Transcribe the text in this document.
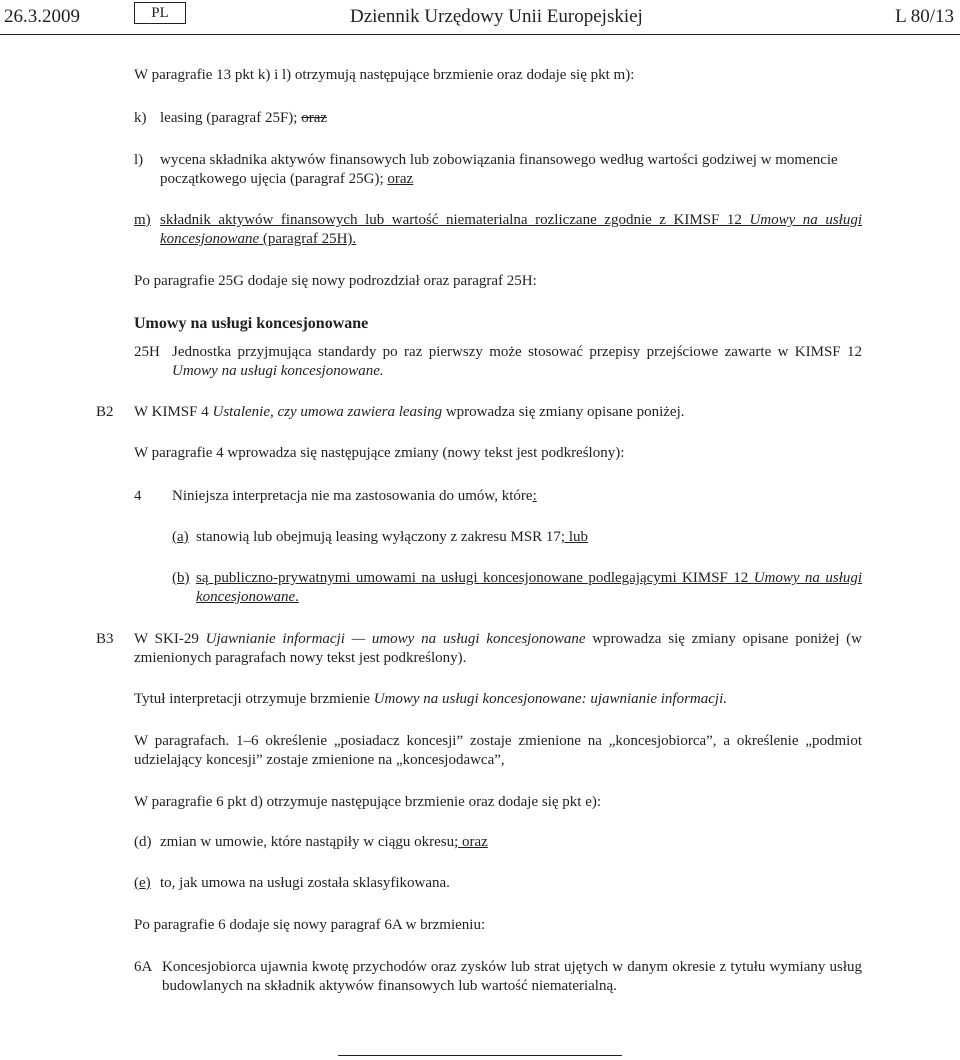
26.3.2009	PL	Dziennik Urzędowy Unii Europejskiej	L 80/13
W paragrafie 13 pkt k) i l) otrzymują następujące brzmienie oraz dodaje się pkt m):
k) leasing (paragraf 25F); oraz
l) wycena składnika aktywów finansowych lub zobowiązania finansowego według wartości godziwej w momencie początkowego ujęcia (paragraf 25G); oraz
m) składnik aktywów finansowych lub wartość niematerialna rozliczane zgodnie z KIMSF 12 Umowy na usługi koncesjonowane (paragraf 25H).
Po paragrafie 25G dodaje się nowy podrozdział oraz paragraf 25H:
Umowy na usługi koncesjonowane
25H Jednostka przyjmująca standardy po raz pierwszy może stosować przepisy przejściowe zawarte w KIMSF 12 Umowy na usługi koncesjonowane.
B2 W KIMSF 4 Ustalenie, czy umowa zawiera leasing wprowadza się zmiany opisane poniżej.
W paragrafie 4 wprowadza się następujące zmiany (nowy tekst jest podkreślony):
4 Niniejsza interpretacja nie ma zastosowania do umów, które:
(a) stanowią lub obejmują leasing wyłączony z zakresu MSR 17; lub
(b) są publiczno-prywatnymi umowami na usługi koncesjonowane podlegającymi KIMSF 12 Umowy na usługi koncesjonowane.
B3 W SKI-29 Ujawnianie informacji — umowy na usługi koncesjonowane wprowadza się zmiany opisane poniżej (w zmienionych paragrafach nowy tekst jest podkreślony).
Tytuł interpretacji otrzymuje brzmienie Umowy na usługi koncesjonowane: ujawnianie informacji.
W paragrafach. 1–6 określenie „posiadacz koncesji” zostaje zmienione na „koncesjobiorca”, a określenie „podmiot udzielający koncesji” zostaje zmienione na „koncesjodawca”,
W paragrafie 6 pkt d) otrzymuje następujące brzmienie oraz dodaje się pkt e):
(d) zmian w umowie, które nastąpiły w ciągu okresu; oraz
(e) to, jak umowa na usługi została sklasyfikowana.
Po paragrafie 6 dodaje się nowy paragraf 6A w brzmieniu:
6A Koncesjobiorca ujawnia kwotę przychodów oraz zysków lub strat ujętych w danym okresie z tytułu wymiany usług budowlanych na składnik aktywów finansowych lub wartość niematerialną.
